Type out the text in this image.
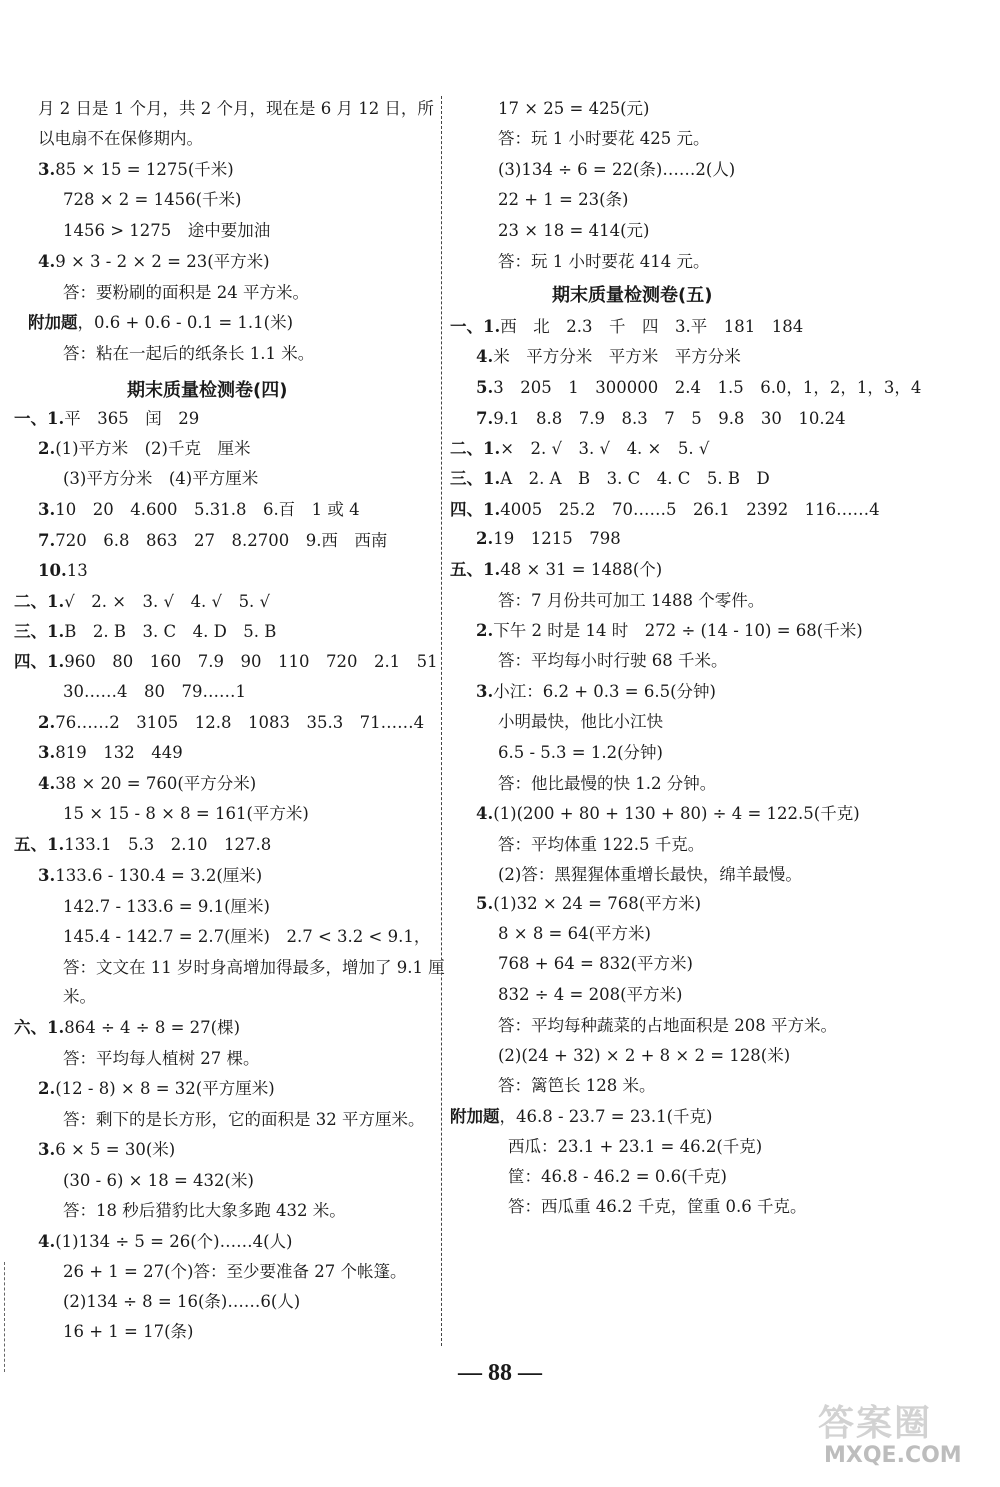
月 2 日是 1 个月，共 2 个月，现在是 6 月 12 日，所
以电扇不在保修期内。
3.85 × 15 = 1275(千米)
728 × 2 = 1456(千米)
1456 > 1275　途中要加油
4.9 × 3 - 2 × 2 = 23(平方米)
答：要粉刷的面积是 24 平方米。
附加题，0.6 + 0.6 - 0.1 = 1.1(米)
答：粘在一起后的纸条长 1.1 米。
期末质量检测卷(四)
一、1.平　365　闰　29
2.(1)平方米　(2)千克　厘米
(3)平方分米　(4)平方厘米
3.10　20　4.600　5.31.8　6.百　1 或 4
7.720　6.8　863　27　8.2700　9.西　西南
10.13
二、1.√　2. ×　3. √　4. √　5. √
三、1.B　2. B　3. C　4. D　5. B
四、1.960　80　160　7.9　90　110　720　2.1　51
30……4　80　79……1
2.76……2　3105　12.8　1083　35.3　71……4
3.819　132　449
4.38 × 20 = 760(平方分米)
15 × 15 - 8 × 8 = 161(平方米)
五、1.133.1　5.3　2.10　127.8
3.133.6 - 130.4 = 3.2(厘米)
142.7 - 133.6 = 9.1(厘米)
145.4 - 142.7 = 2.7(厘米)　2.7 < 3.2 < 9.1，
答：文文在 11 岁时身高增加得最多，增加了 9.1 厘
米。
六、1.864 ÷ 4 ÷ 8 = 27(棵)
答：平均每人植树 27 棵。
2.(12 - 8) × 8 = 32(平方厘米)
答：剩下的是长方形，它的面积是 32 平方厘米。
3.6 × 5 = 30(米)
(30 - 6) × 18 = 432(米)
答：18 秒后猎豹比大象多跑 432 米。
4.(1)134 ÷ 5 = 26(个)……4(人)
26 + 1 = 27(个)答：至少要准备 27 个帐篷。
(2)134 ÷ 8 = 16(条)……6(人)
16 + 1 = 17(条)
17 × 25 = 425(元)
答：玩 1 小时要花 425 元。
(3)134 ÷ 6 = 22(条)……2(人)
22 + 1 = 23(条)
23 × 18 = 414(元)
答：玩 1 小时要花 414 元。
期末质量检测卷(五)
一、1.西　北　2.3　千　四　3.平　181　184
4.米　平方分米　平方米　平方分米
5.3　205　1　300000　2.4　1.5　6.0，1，2，1，3，4
7.9.1　8.8　7.9　8.3　7　5　9.8　30　10.24
二、1.×　2. √　3. √　4. ×　5. √
三、1.A　2. A　B　3. C　4. C　5. B　D
四、1.4005　25.2　70……5　26.1　2392　116……4
2.19　1215　798
五、1.48 × 31 = 1488(个)
答：7 月份共可加工 1488 个零件。
2.下午 2 时是 14 时　272 ÷ (14 - 10) = 68(千米)
答：平均每小时行驶 68 千米。
3.小江：6.2 + 0.3 = 6.5(分钟)
小明最快，他比小江快
6.5 - 5.3 = 1.2(分钟)
答：他比最慢的快 1.2 分钟。
4.(1)(200 + 80 + 130 + 80) ÷ 4 = 122.5(千克)
答：平均体重 122.5 千克。
(2)答：黑猩猩体重增长最快，绵羊最慢。
5.(1)32 × 24 = 768(平方米)
8 × 8 = 64(平方米)
768 + 64 = 832(平方米)
832 ÷ 4 = 208(平方米)
答：平均每种蔬菜的占地面积是 208 平方米。
(2)(24 + 32) × 2 + 8 × 2 = 128(米)
答：篱笆长 128 米。
附加题，46.8 - 23.7 = 23.1(千克)
西瓜：23.1 + 23.1 = 46.2(千克)
筐：46.8 - 46.2 = 0.6(千克)
答：西瓜重 46.2 千克，筐重 0.6 千克。
— 88 —
答案圈
MXQE.COM
